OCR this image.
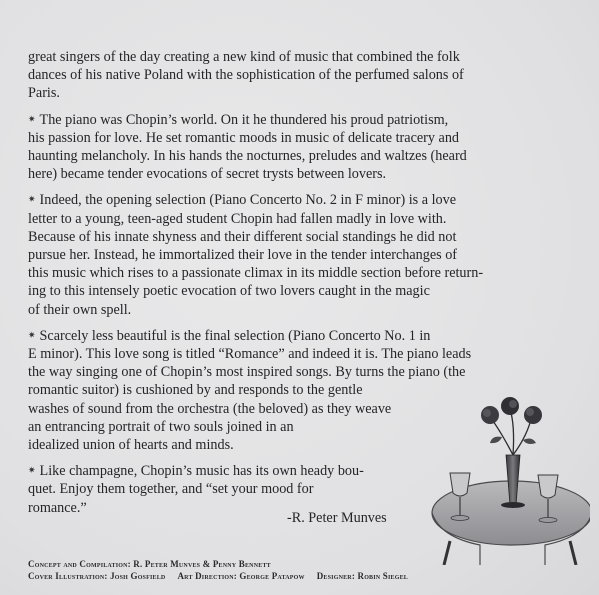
great singers of the day creating a new kind of music that combined the folk
dances of his native Poland with the sophistication of the perfumed salons of
Paris.

✷ The piano was Chopin’s world. On it he thundered his proud patriotism,
his passion for love. He set romantic moods in music of delicate tracery and
haunting melancholy. In his hands the nocturnes, preludes and waltzes (heard
here) became tender evocations of secret trysts between lovers.

✷ Indeed, the opening selection (Piano Concerto No. 2 in F minor) is a love
letter to a young, teen-aged student Chopin had fallen madly in love with.
Because of his innate shyness and their different social standings he did not
pursue her. Instead, he immortalized their love in the tender interchanges of
this music which rises to a passionate climax in its middle section before return-
ing to this intensely poetic evocation of two lovers caught in the magic
of their own spell.

✷ Scarcely less beautiful is the final selection (Piano Concerto No. 1 in
E minor). This love song is titled “Romance” and indeed it is. The piano leads
the way singing one of Chopin’s most inspired songs. By turns the piano (the
romantic suitor) is cushioned by and responds to the gentle
washes of sound from the orchestra (the beloved) as they weave
an entrancing portrait of two souls joined in an
idealized union of hearts and minds.

✷ Like champagne, Chopin’s music has its own heady bou-
quet. Enjoy them together, and “set your mood for
romance.”

-R. Peter Munves
Concept and Compilation: R. Peter Munves & Penny Bennett
Cover Illustration: Josh Gosfield Art Direction: George Patapow Designer: Robin Siegel
